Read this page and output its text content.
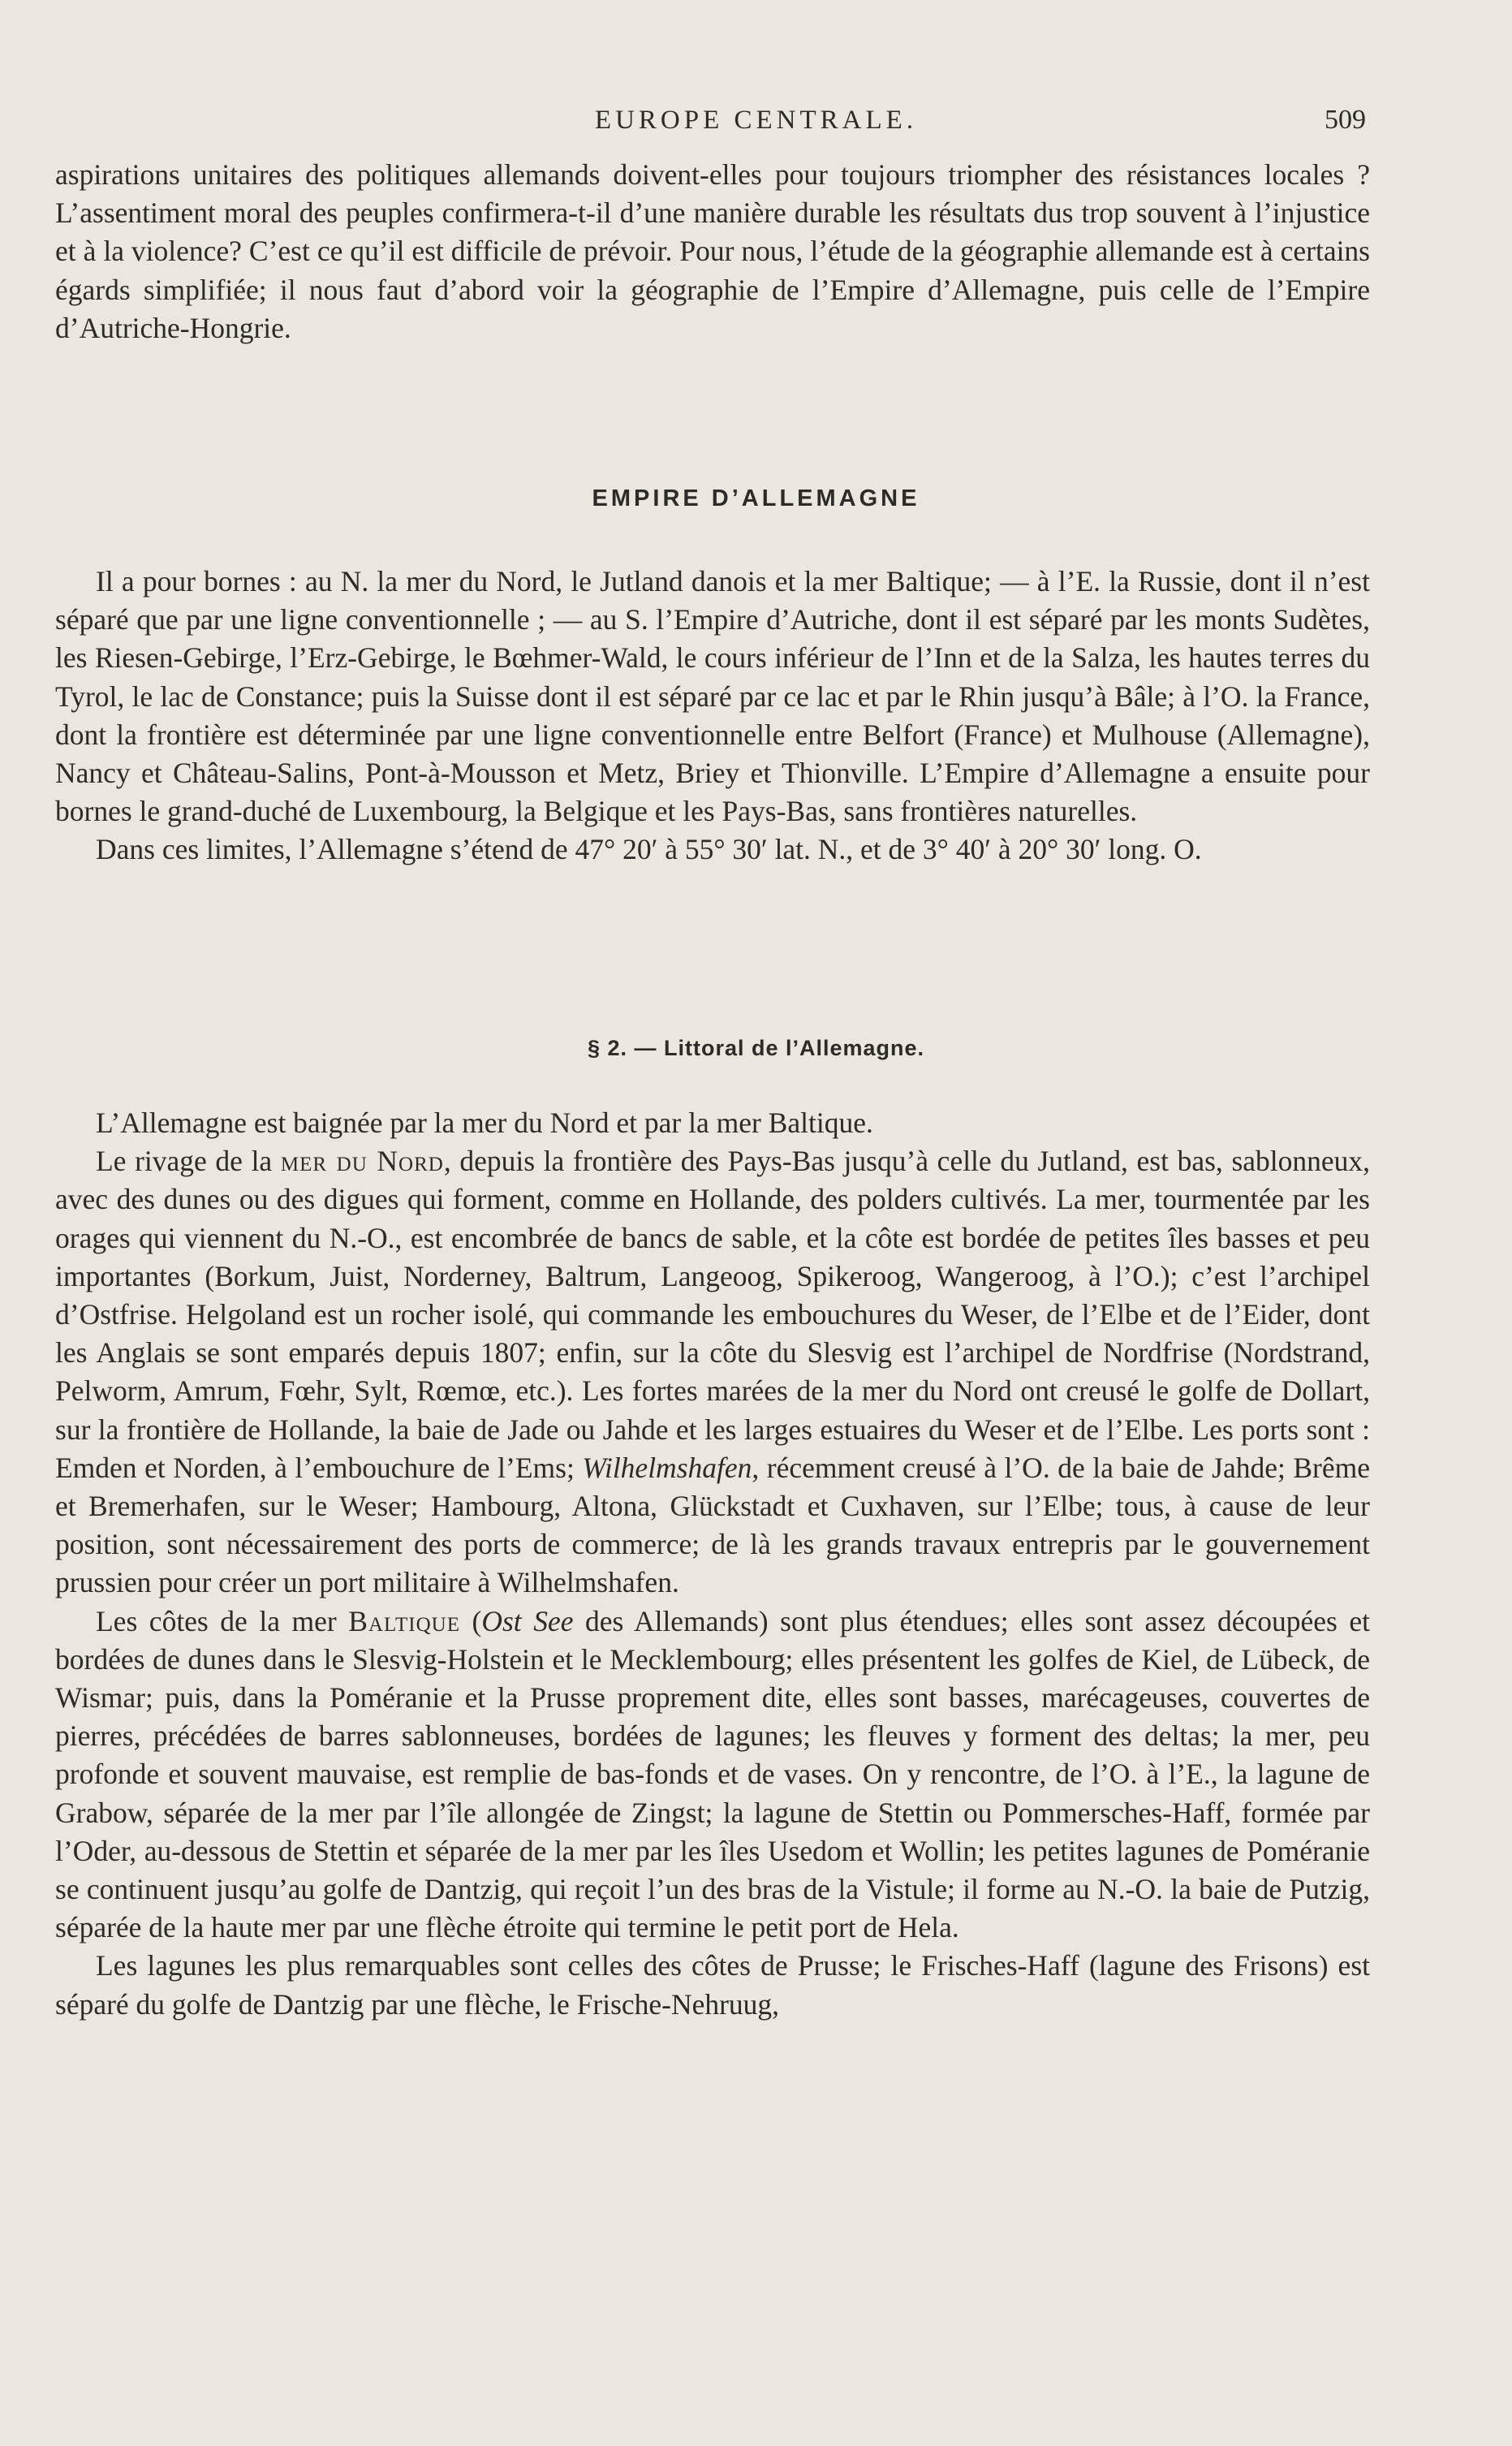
EUROPE CENTRALE.	509

aspirations unitaires des politiques allemands doivent-elles pour toujours triompher des résistances locales ? L’assentiment moral des peuples confirmera-t-il d’une manière durable les résultats dus trop souvent à l’injustice et à la violence? C’est ce qu’il est difficile de prévoir. Pour nous, l’étude de la géographie allemande est à certains égards simplifiée; il nous faut d’abord voir la géographie de l’Empire d’Allemagne, puis celle de l’Empire d’Autriche-Hongrie.

EMPIRE D’ALLEMAGNE

Il a pour bornes : au N. la mer du Nord, le Jutland danois et la mer Baltique; — à l’E. la Russie, dont il n’est séparé que par une ligne conventionnelle ; — au S. l’Empire d’Autriche, dont il est séparé par les monts Sudètes, les Riesen-Gebirge, l’Erz-Gebirge, le Bœhmer-Wald, le cours inférieur de l’Inn et de la Salza, les hautes terres du Tyrol, le lac de Constance; puis la Suisse dont il est séparé par ce lac et par le Rhin jusqu’à Bâle; à l’O. la France, dont la frontière est déterminée par une ligne conventionnelle entre Belfort (France) et Mulhouse (Allemagne), Nancy et Château-Salins, Pont-à-Mousson et Metz, Briey et Thionville. L’Empire d’Allemagne a ensuite pour bornes le grand-duché de Luxembourg, la Belgique et les Pays-Bas, sans frontières naturelles.

Dans ces limites, l’Allemagne s’étend de 47° 20′ à 55° 30′ lat. N., et de 3° 40′ à 20° 30′ long. O.

§ 2. — Littoral de l’Allemagne.

L’Allemagne est baignée par la mer du Nord et par la mer Baltique.

Le rivage de la mer du Nord, depuis la frontière des Pays-Bas jusqu’à celle du Jutland, est bas, sablonneux, avec des dunes ou des digues qui forment, comme en Hollande, des polders cultivés. La mer, tourmentée par les orages qui viennent du N.-O., est encombrée de bancs de sable, et la côte est bordée de petites îles basses et peu importantes (Borkum, Juist, Norderney, Baltrum, Langeoog, Spikeroog, Wangeroog, à l’O.); c’est l’archipel d’Ostfrise. Helgoland est un rocher isolé, qui commande les embouchures du Weser, de l’Elbe et de l’Eider, dont les Anglais se sont emparés depuis 1807; enfin, sur la côte du Slesvig est l’archipel de Nordfrise (Nordstrand, Pelworm, Amrum, Fœhr, Sylt, Rœmœ, etc.). Les fortes marées de la mer du Nord ont creusé le golfe de Dollart, sur la frontière de Hollande, la baie de Jade ou Jahde et les larges estuaires du Weser et de l’Elbe. Les ports sont : Emden et Norden, à l’embouchure de l’Ems; Wilhelmshafen, récemment creusé à l’O. de la baie de Jahde; Brême et Bremerhafen, sur le Weser; Hambourg, Altona, Glückstadt et Cuxhaven, sur l’Elbe; tous, à cause de leur position, sont nécessairement des ports de commerce; de là les grands travaux entrepris par le gouvernement prussien pour créer un port militaire à Wilhelmshafen.

Les côtes de la mer Baltique (Ost See des Allemands) sont plus étendues; elles sont assez découpées et bordées de dunes dans le Slesvig-Holstein et le Mecklembourg; elles présentent les golfes de Kiel, de Lübeck, de Wismar; puis, dans la Poméranie et la Prusse proprement dite, elles sont basses, marécageuses, couvertes de pierres, précédées de barres sablonneuses, bordées de lagunes; les fleuves y forment des deltas; la mer, peu profonde et souvent mauvaise, est remplie de bas-fonds et de vases. On y rencontre, de l’O. à l’E., la lagune de Grabow, séparée de la mer par l’île allongée de Zingst; la lagune de Stettin ou Pommersches-Haff, formée par l’Oder, au-dessous de Stettin et séparée de la mer par les îles Usedom et Wollin; les petites lagunes de Poméranie se continuent jusqu’au golfe de Dantzig, qui reçoit l’un des bras de la Vistule; il forme au N.-O. la baie de Putzig, séparée de la haute mer par une flèche étroite qui termine le petit port de Hela.

Les lagunes les plus remarquables sont celles des côtes de Prusse; le Frisches-Haff (lagune des Frisons) est séparé du golfe de Dantzig par une flèche, le Frische-Nehruug,
